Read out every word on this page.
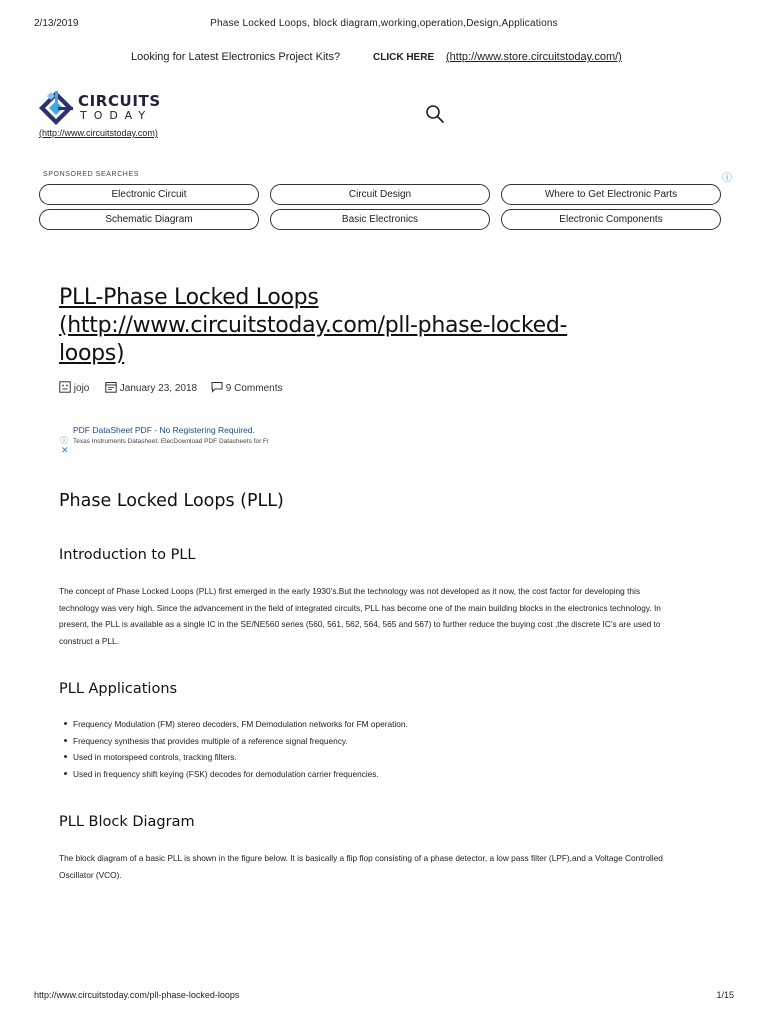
2/13/2019	Phase Locked Loops, block diagram,working,operation,Design,Applications
Looking for Latest Electronics Project Kits?	CLICK HERE (http://www.store.circuitstoday.com/)
CIRCUITS
TODAY
(http://www.circuitstoday.com)
SPONSORED SEARCHES	ⓘ
Electronic Circuit	Circuit Design	Where to Get Electronic Parts
Schematic Diagram	Basic Electronics	Electronic Components
PLL-Phase Locked Loops
(http://www.circuitstoday.com/pll-phase-locked-
loops)
jojo	January 23, 2018	9 Comments
ⓘ
✕
PDF DataSheet PDF - No Registering Required.
Texas Instruments Datasheet. ElecDownload PDF Datasheets for Fr
Phase Locked Loops (PLL)
Introduction to PLL
The concept of Phase Locked Loops (PLL) first emerged in the early 1930’s.But the technology was not developed as it now, the cost factor for developing this
technology was very high. Since the advancement in the field of integrated circuits, PLL has become one of the main building blocks in the electronics technology. In
present, the PLL is available as a single IC in the SE/NE560 series (560, 561, 562, 564, 565 and 567) to further reduce the buying cost ,the discrete IC’s are used to
construct a PLL.
PLL Applications
Frequency Modulation (FM) stereo decoders, FM Demodulation networks for FM operation.
Frequency synthesis that provides multiple of a reference signal frequency.
Used in motorspeed controls, tracking filters.
Used in frequency shift keying (FSK) decodes for demodulation carrier frequencies.
PLL Block Diagram
The block diagram of a basic PLL is shown in the figure below. It is basically a flip flop consisting of a phase detector, a low pass filter (LPF),and a Voltage Controlled
Oscillator (VCO).
http://www.circuitstoday.com/pll-phase-locked-loops	1/15
